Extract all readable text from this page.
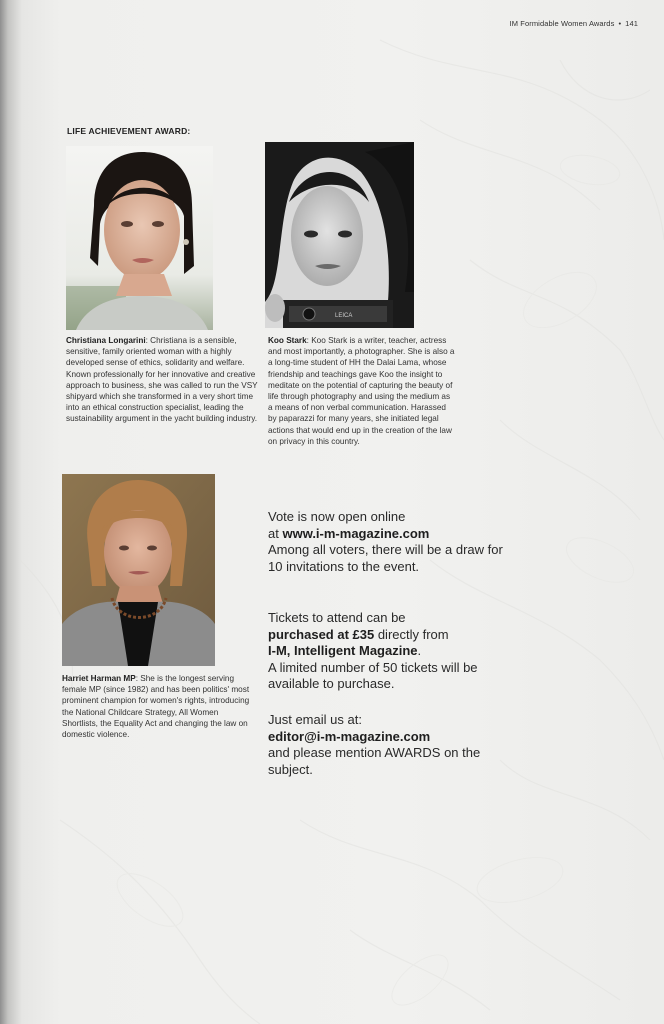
IM Formidable Women Awards • 141
LIFE ACHIEVEMENT AWARD:
LEICA
Christiana Longarini: Christiana is a sensible, sensitive, family oriented woman with a highly developed sense of ethics, solidarity and welfare. Known professionally for her innovative and creative approach to business, she was called to run the VSY shipyard which she transformed in a very short time into an ethical construction specialist, leading the sustainability argument in the yacht building industry.
Koo Stark: Koo Stark is a writer, teacher, actress and most importantly, a photographer. She is also a a long-time student of HH the Dalai Lama, whose friendship and teachings gave Koo the insight to meditate on the potential of capturing the beauty of life through photography and using the medium as a means of non verbal communication. Harassed by paparazzi for many years, she initiated legal actions that would end up in the creation of the law on privacy in this country.
Harriet Harman MP: She is the longest serving female MP (since 1982) and has been politics' most prominent champion for women's rights, introducing the National Childcare Strategy, All Women Shortlists, the Equality Act and changing the law on domestic violence.
Vote is now open online
at www.i-m-magazine.com
Among all voters, there will be a draw for 10 invitations to the event.
Tickets to attend can be
purchased at £35 directly from
I-M, Intelligent Magazine.
A limited number of 50 tickets will be available to purchase.
Just email us at:
editor@i-m-magazine.com
and please mention AWARDS on the subject.
